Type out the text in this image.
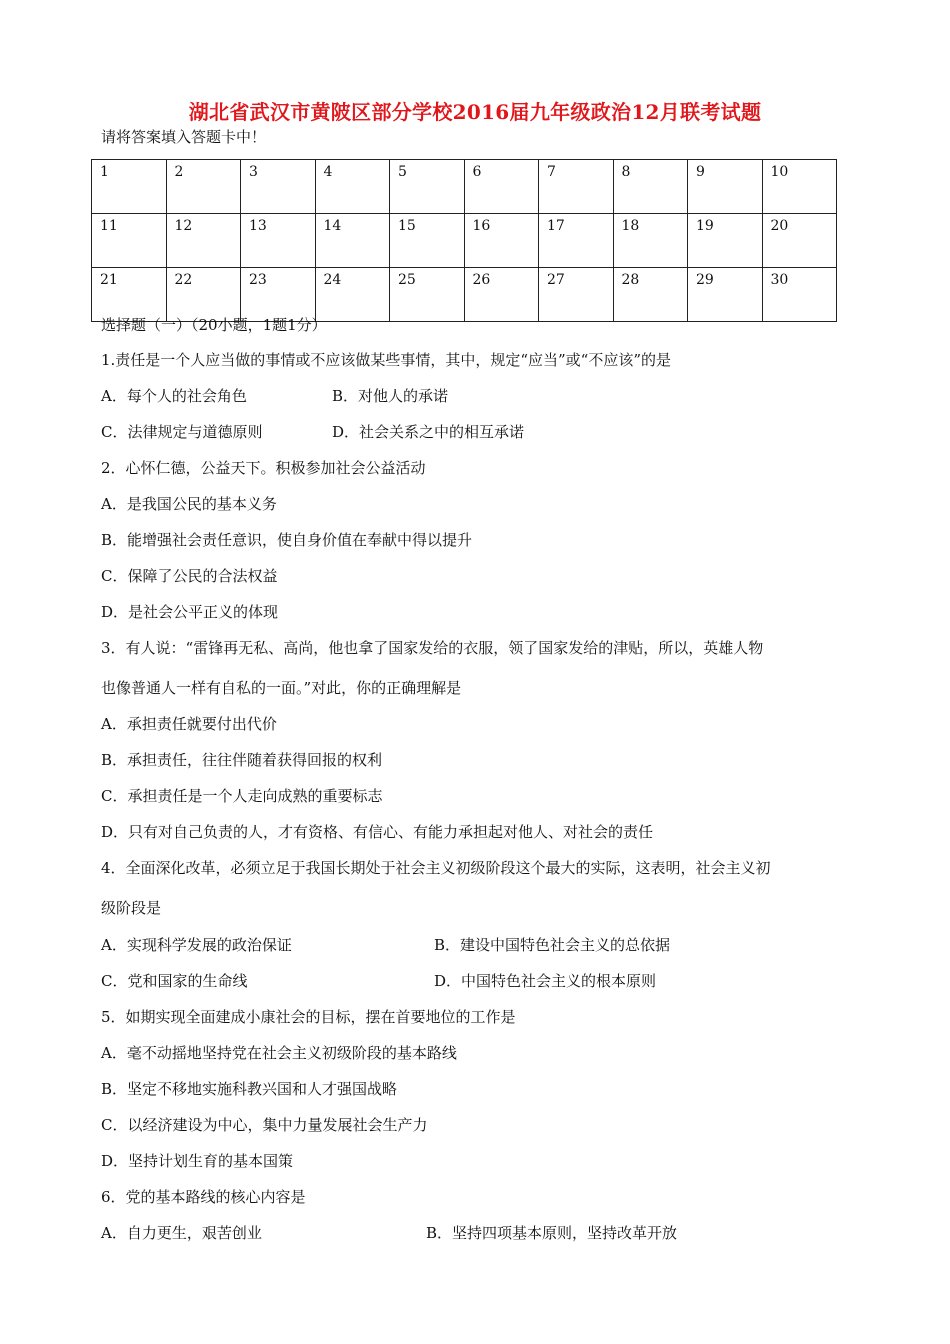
湖北省武汉市黄陂区部分学校2016届九年级政治12月联考试题
请将答案填入答题卡中！
1	2	3	4	5	6	7	8	9	10
11	12	13	14	15	16	17	18	19	20
21	22	23	24	25	26	27	28	29	30
选择题（一）（20小题，1题1分）
1.责任是一个人应当做的事情或不应该做某些事情，其中，规定“应当”或“不应该”的是
A．每个人的社会角色	B．对他人的承诺
C．法律规定与道德原则	D．社会关系之中的相互承诺
2．心怀仁德，公益天下。积极参加社会公益活动
A．是我国公民的基本义务
B．能增强社会责任意识，使自身价值在奉献中得以提升
C．保障了公民的合法权益
D．是社会公平正义的体现
3．有人说：“雷锋再无私、高尚，他也拿了国家发给的衣服，领了国家发给的津贴，所以，英雄人物
也像普通人一样有自私的一面。”对此，你的正确理解是
A．承担责任就要付出代价
B．承担责任，往往伴随着获得回报的权利
C．承担责任是一个人走向成熟的重要标志
D．只有对自己负责的人，才有资格、有信心、有能力承担起对他人、对社会的责任
4．全面深化改革，必须立足于我国长期处于社会主义初级阶段这个最大的实际，这表明，社会主义初
级阶段是
A．实现科学发展的政治保证	B．建设中国特色社会主义的总依据
C．党和国家的生命线	D．中国特色社会主义的根本原则
5．如期实现全面建成小康社会的目标，摆在首要地位的工作是
A．毫不动摇地坚持党在社会主义初级阶段的基本路线
B．坚定不移地实施科教兴国和人才强国战略
C．以经济建设为中心，集中力量发展社会生产力
D．坚持计划生育的基本国策
6．党的基本路线的核心内容是
A．自力更生，艰苦创业	B．坚持四项基本原则，坚持改革开放
